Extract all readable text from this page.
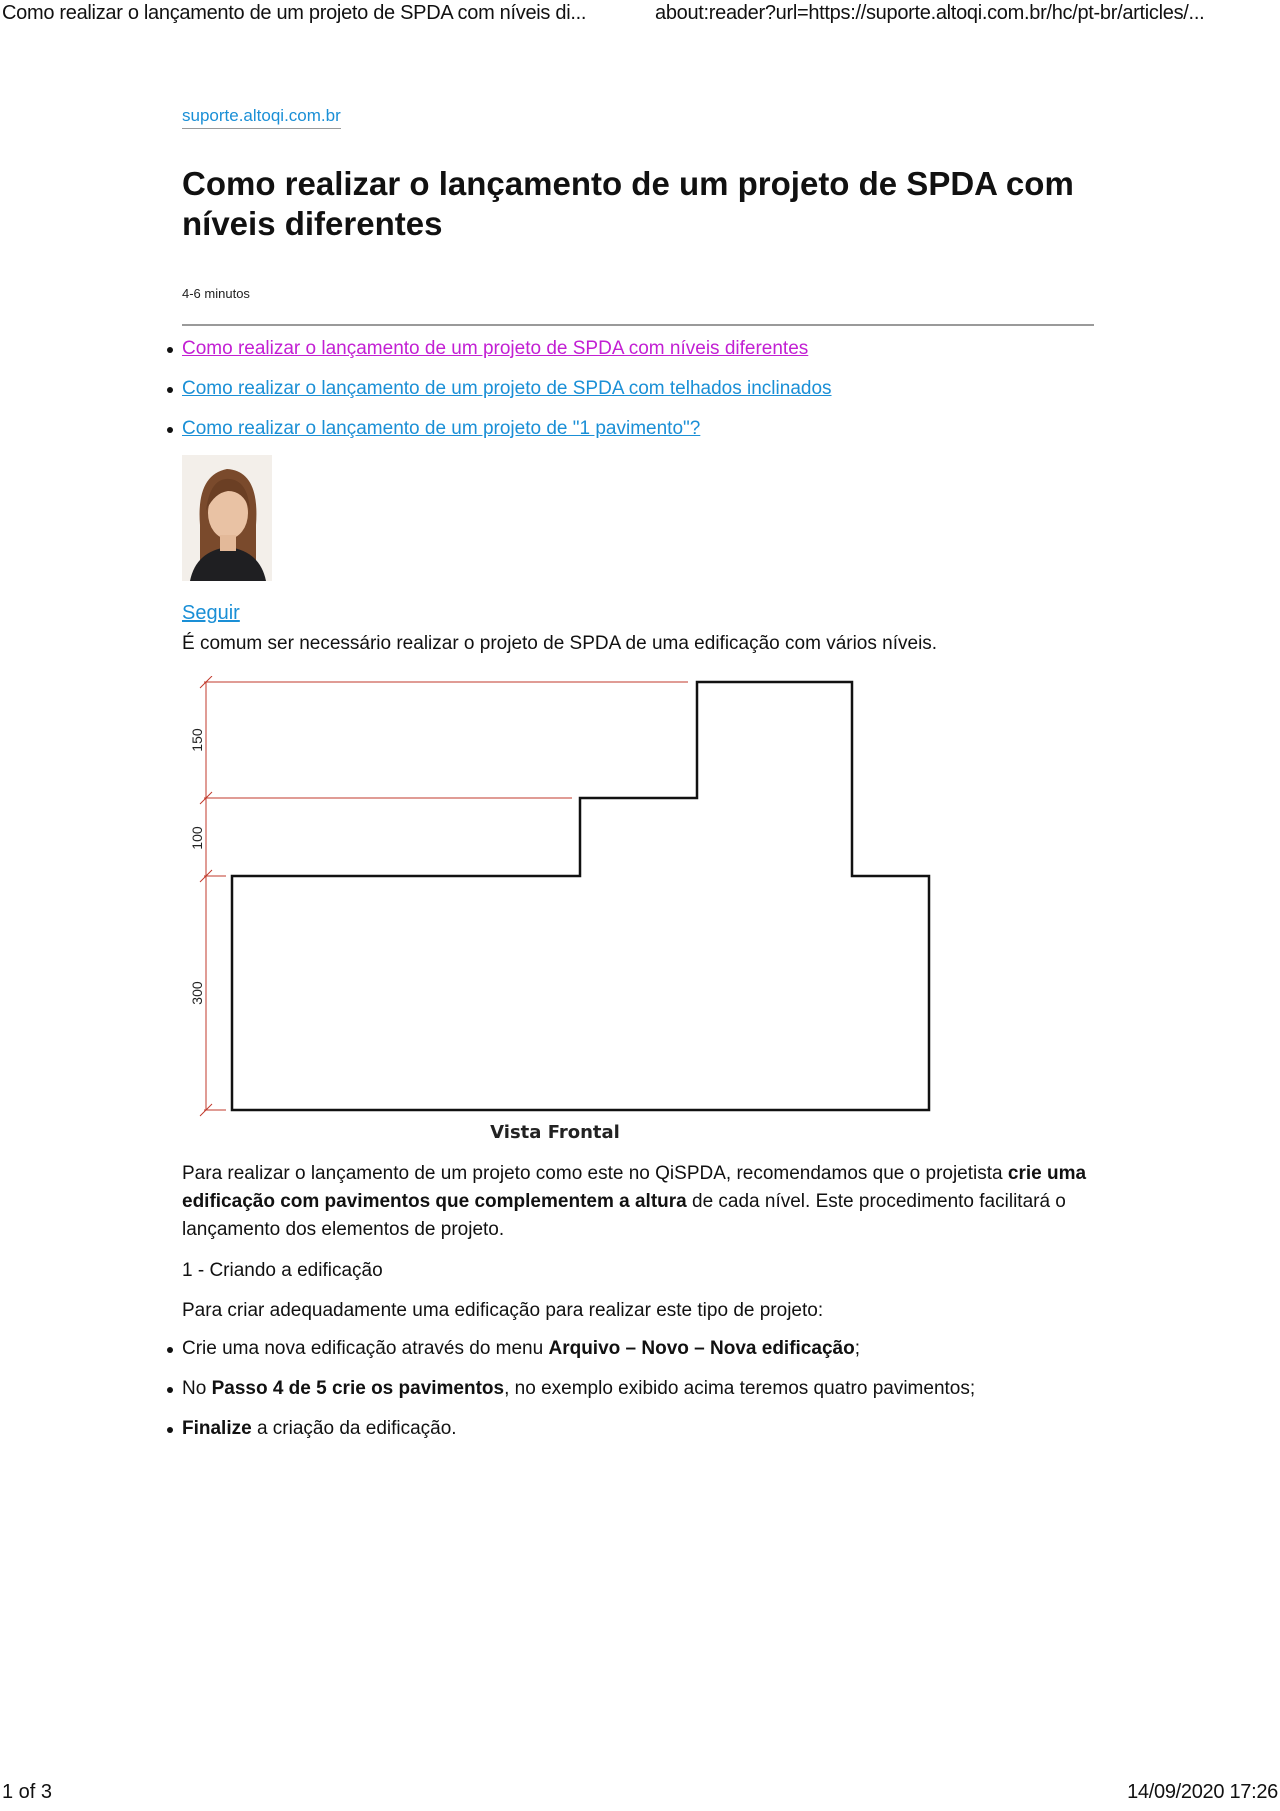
Como realizar o lançamento de um projeto de SPDA com níveis di...	about:reader?url=https://suporte.altoqi.com.br/hc/pt-br/articles/...
suporte.altoqi.com.br
Como realizar o lançamento de um projeto de SPDA com níveis diferentes
4-6 minutos
Como realizar o lançamento de um projeto de SPDA com níveis diferentes
Como realizar o lançamento de um projeto de SPDA com telhados inclinados
Como realizar o lançamento de um projeto de "1 pavimento"?
Seguir

É comum ser necessário realizar o projeto de SPDA de uma edificação com vários níveis.

150
100
300
Vista Frontal

Para realizar o lançamento de um projeto como este no QiSPDA, recomendamos que o projetista crie uma edificação com pavimentos que complementem a altura de cada nível. Este procedimento facilitará o lançamento dos elementos de projeto.

1 - Criando a edificação

Para criar adequadamente uma edificação para realizar este tipo de projeto:

Crie uma nova edificação através do menu Arquivo – Novo – Nova edificação;
No Passo 4 de 5 crie os pavimentos, no exemplo exibido acima teremos quatro pavimentos;
Finalize a criação da edificação.
1 of 3	14/09/2020 17:26
